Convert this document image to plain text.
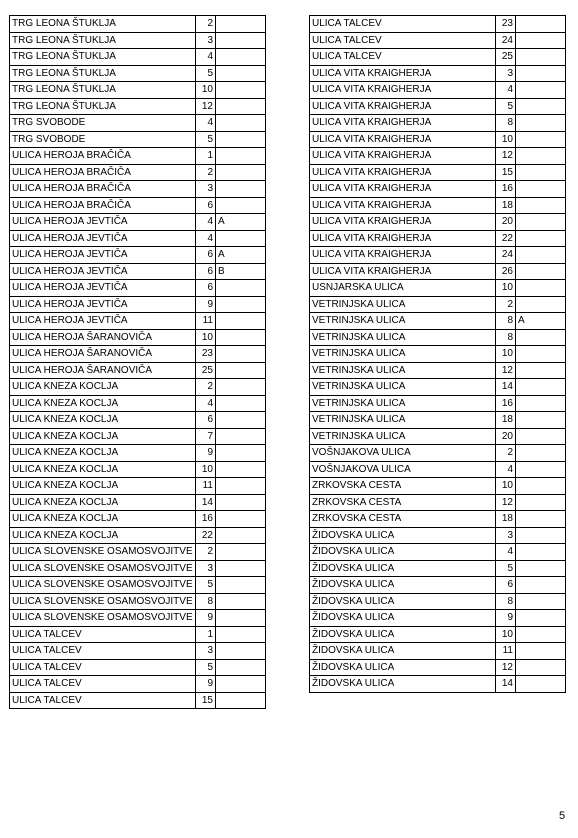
TRG LEONA ŠTUKLJA	2	
TRG LEONA ŠTUKLJA	3	
TRG LEONA ŠTUKLJA	4	
TRG LEONA ŠTUKLJA	5	
TRG LEONA ŠTUKLJA	10	
TRG LEONA ŠTUKLJA	12	
TRG SVOBODE	4	
TRG SVOBODE	5	
ULICA HEROJA BRAČIČA	1	
ULICA HEROJA BRAČIČA	2	
ULICA HEROJA BRAČIČA	3	
ULICA HEROJA BRAČIČA	6	
ULICA HEROJA JEVTIČA	4	A
ULICA HEROJA JEVTIČA	4	
ULICA HEROJA JEVTIČA	6	A
ULICA HEROJA JEVTIČA	6	B
ULICA HEROJA JEVTIČA	6	
ULICA HEROJA JEVTIČA	9	
ULICA HEROJA JEVTIČA	11	
ULICA HEROJA ŠARANOVIČA	10	
ULICA HEROJA ŠARANOVIČA	23	
ULICA HEROJA ŠARANOVIČA	25	
ULICA KNEZA KOCLJA	2	
ULICA KNEZA KOCLJA	4	
ULICA KNEZA KOCLJA	6	
ULICA KNEZA KOCLJA	7	
ULICA KNEZA KOCLJA	9	
ULICA KNEZA KOCLJA	10	
ULICA KNEZA KOCLJA	11	
ULICA KNEZA KOCLJA	14	
ULICA KNEZA KOCLJA	16	
ULICA KNEZA KOCLJA	22	
ULICA SLOVENSKE OSAMOSVOJITVE	2	
ULICA SLOVENSKE OSAMOSVOJITVE	3	
ULICA SLOVENSKE OSAMOSVOJITVE	5	
ULICA SLOVENSKE OSAMOSVOJITVE	8	
ULICA SLOVENSKE OSAMOSVOJITVE	9	
ULICA TALCEV	1	
ULICA TALCEV	3	
ULICA TALCEV	5	
ULICA TALCEV	9	
ULICA TALCEV	15	
ULICA TALCEV	23	
ULICA TALCEV	24	
ULICA TALCEV	25	
ULICA VITA KRAIGHERJA	3	
ULICA VITA KRAIGHERJA	4	
ULICA VITA KRAIGHERJA	5	
ULICA VITA KRAIGHERJA	8	
ULICA VITA KRAIGHERJA	10	
ULICA VITA KRAIGHERJA	12	
ULICA VITA KRAIGHERJA	15	
ULICA VITA KRAIGHERJA	16	
ULICA VITA KRAIGHERJA	18	
ULICA VITA KRAIGHERJA	20	
ULICA VITA KRAIGHERJA	22	
ULICA VITA KRAIGHERJA	24	
ULICA VITA KRAIGHERJA	26	
USNJARSKA ULICA	10	
VETRINJSKA ULICA	2	
VETRINJSKA ULICA	8	A
VETRINJSKA ULICA	8	
VETRINJSKA ULICA	10	
VETRINJSKA ULICA	12	
VETRINJSKA ULICA	14	
VETRINJSKA ULICA	16	
VETRINJSKA ULICA	18	
VETRINJSKA ULICA	20	
VOŠNJAKOVA ULICA	2	
VOŠNJAKOVA ULICA	4	
ZRKOVSKA CESTA	10	
ZRKOVSKA CESTA	12	
ZRKOVSKA CESTA	18	
ŽIDOVSKA ULICA	3	
ŽIDOVSKA ULICA	4	
ŽIDOVSKA ULICA	5	
ŽIDOVSKA ULICA	6	
ŽIDOVSKA ULICA	8	
ŽIDOVSKA ULICA	9	
ŽIDOVSKA ULICA	10	
ŽIDOVSKA ULICA	11	
ŽIDOVSKA ULICA	12	
ŽIDOVSKA ULICA	14	
5
